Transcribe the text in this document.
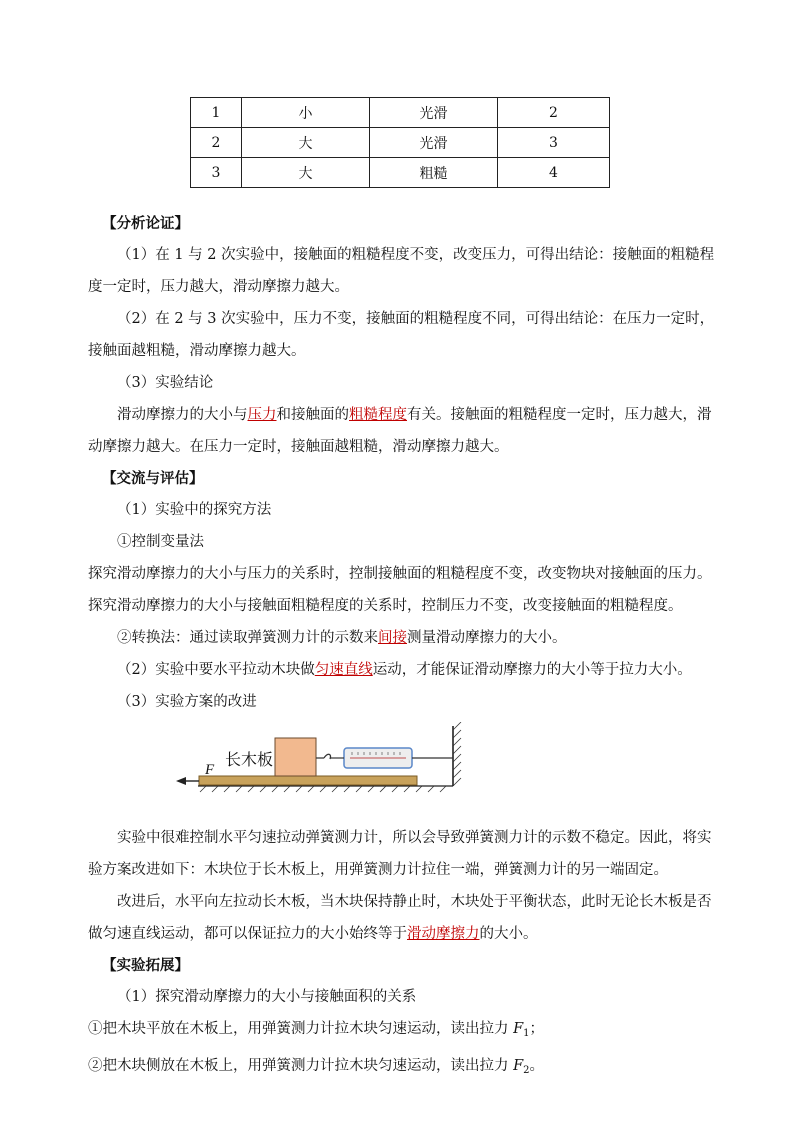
1	小	光滑	2
2	大	光滑	3
3	大	粗糙	4

【分析论证】

（1）在 1 与 2 次实验中，接触面的粗糙程度不变，改变压力，可得出结论：接触面的粗糙程度一定时，压力越大，滑动摩擦力越大。

（2）在 2 与 3 次实验中，压力不变，接触面的粗糙程度不同，可得出结论：在压力一定时，接触面越粗糙，滑动摩擦力越大。

（3）实验结论

滑动摩擦力的大小与压力和接触面的粗糙程度有关。接触面的粗糙程度一定时，压力越大，滑动摩擦力越大。在压力一定时，接触面越粗糙，滑动摩擦力越大。

【交流与评估】

（1）实验中的探究方法

①控制变量法

探究滑动摩擦力的大小与压力的关系时，控制接触面的粗糙程度不变，改变物块对接触面的压力。探究滑动摩擦力的大小与接触面粗糙程度的关系时，控制压力不变，改变接触面的粗糙程度。

②转换法：通过读取弹簧测力计的示数来间接测量滑动摩擦力的大小。

（2）实验中要水平拉动木块做匀速直线运动，才能保证滑动摩擦力的大小等于拉力大小。

（3）实验方案的改进

F
长木板

实验中很难控制水平匀速拉动弹簧测力计，所以会导致弹簧测力计的示数不稳定。因此，将实验方案改进如下：木块位于长木板上，用弹簧测力计拉住一端，弹簧测力计的另一端固定。

改进后，水平向左拉动长木板，当木块保持静止时，木块处于平衡状态，此时无论长木板是否做匀速直线运动，都可以保证拉力的大小始终等于滑动摩擦力的大小。

【实验拓展】

（1）探究滑动摩擦力的大小与接触面积的关系

①把木块平放在木板上，用弹簧测力计拉木块匀速运动，读出拉力 $F_1$；

②把木块侧放在木板上，用弹簧测力计拉木块匀速运动，读出拉力 $F_2$。
